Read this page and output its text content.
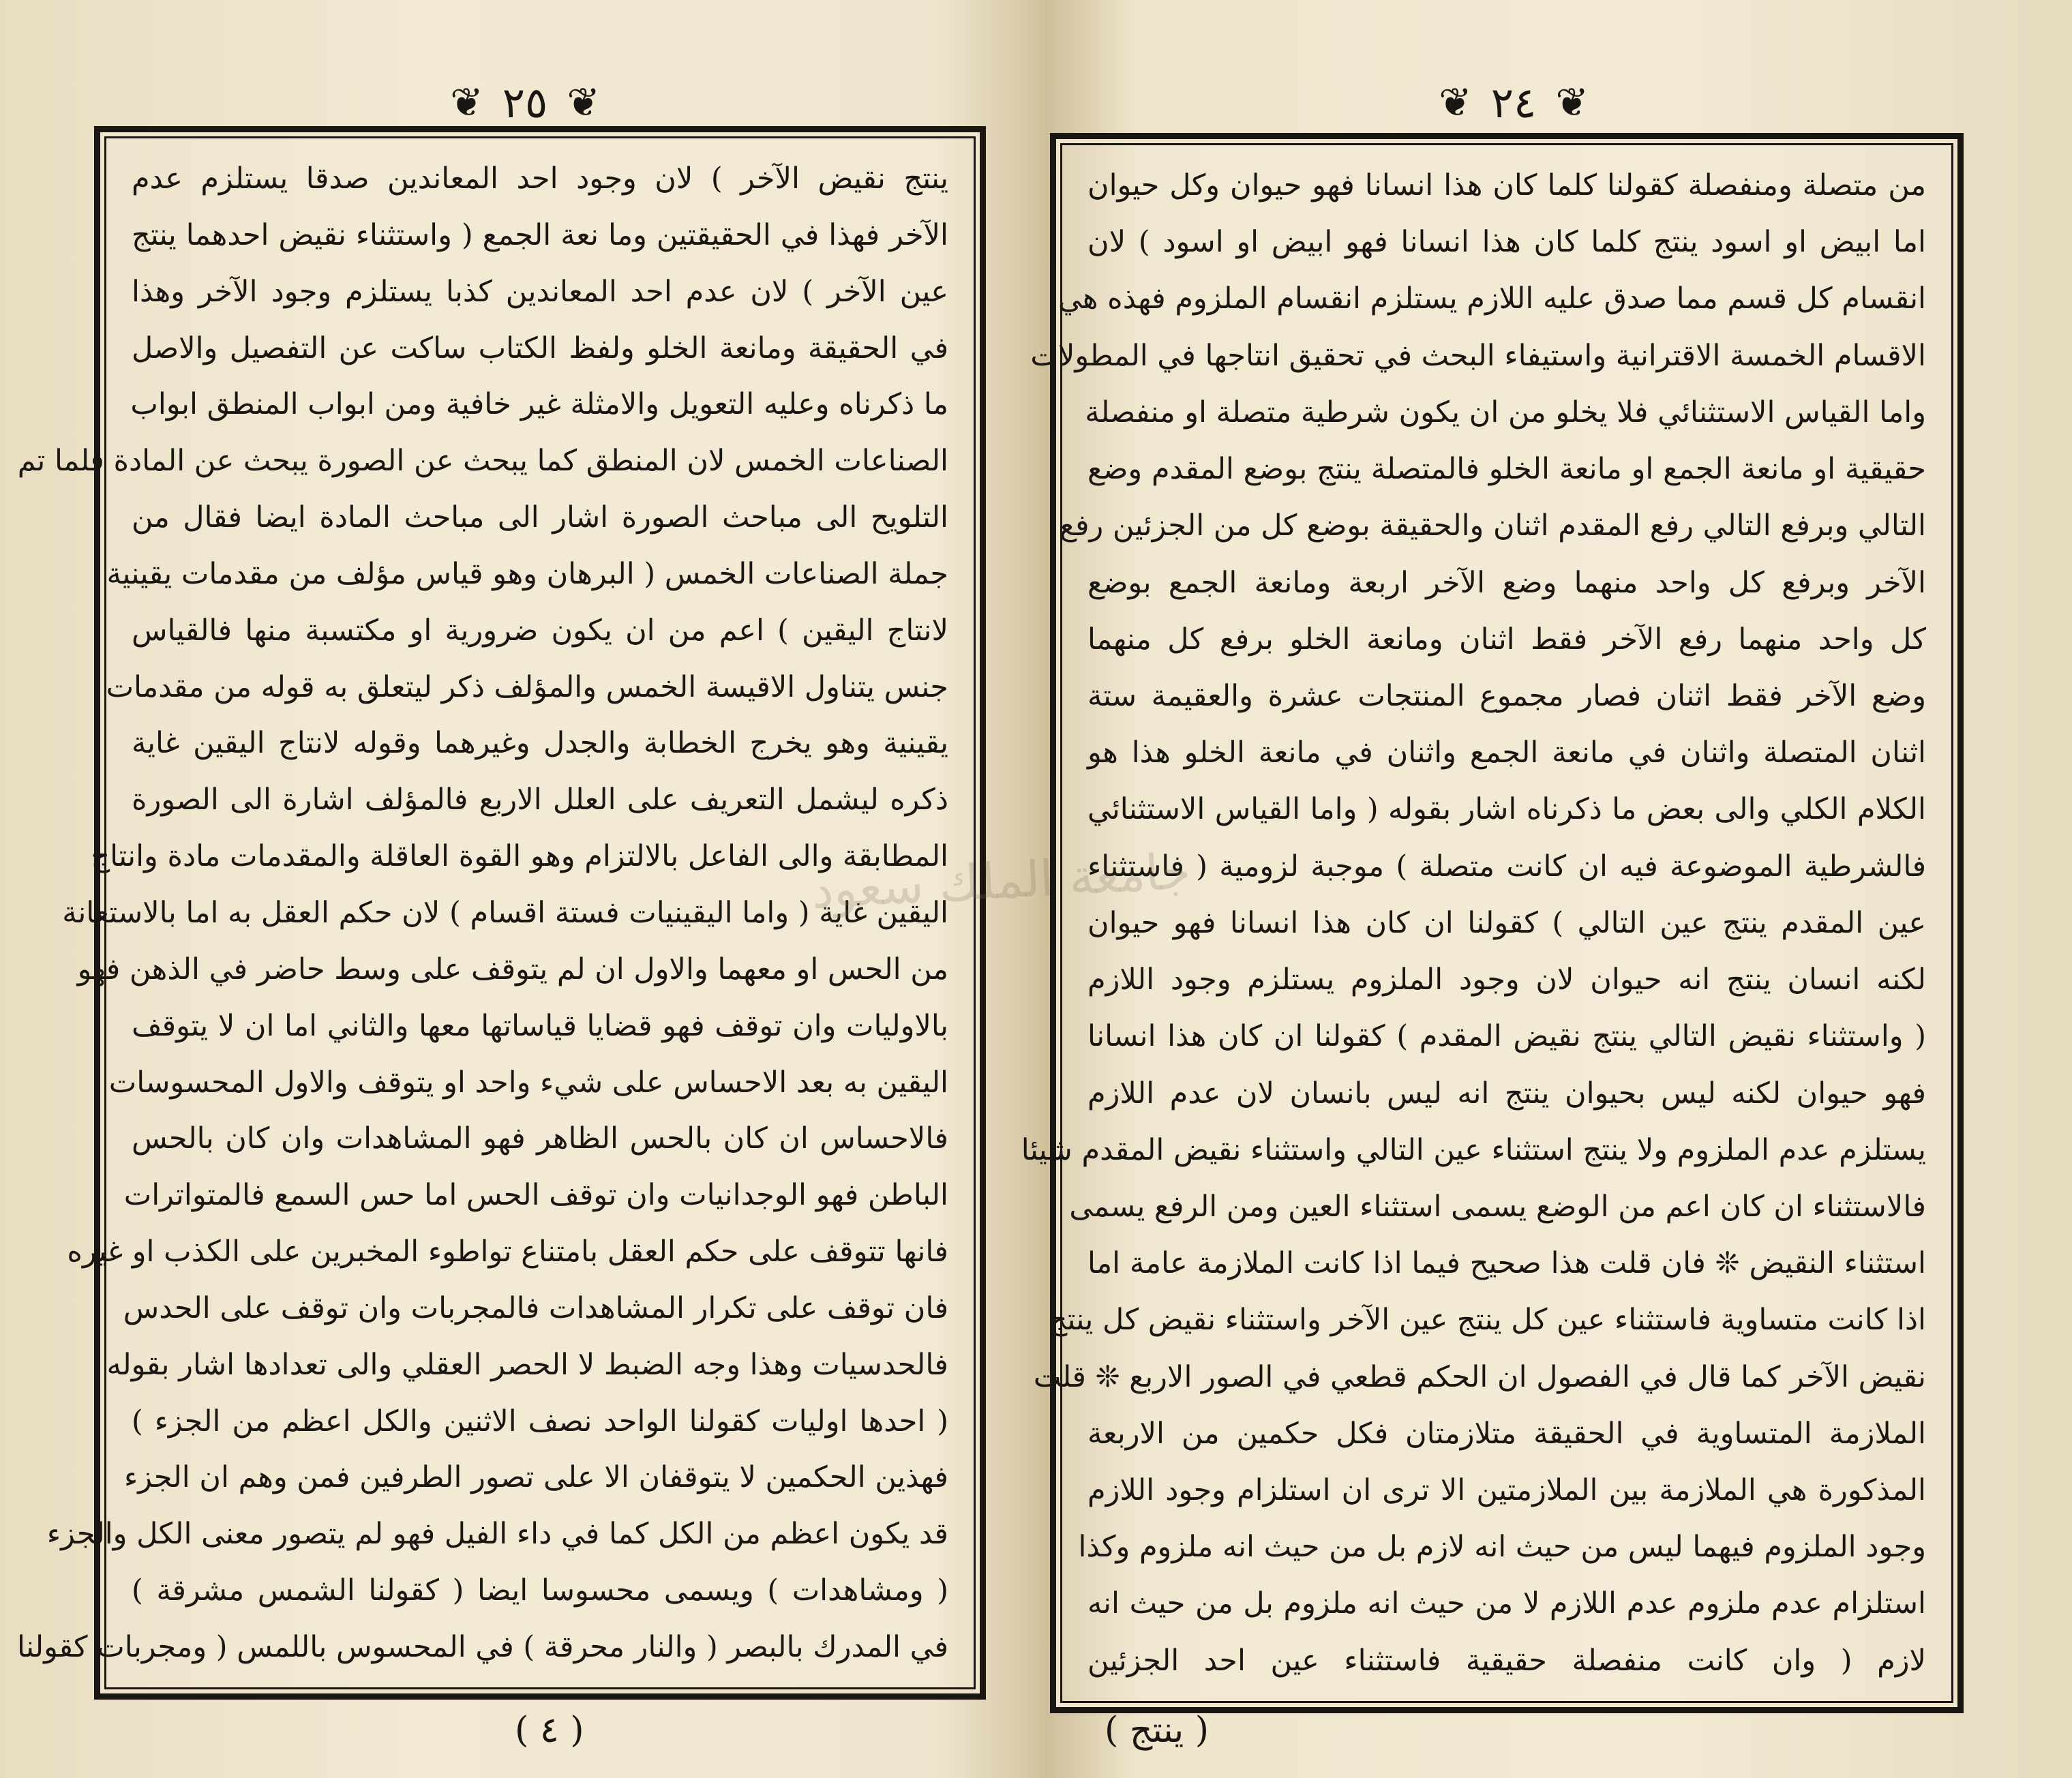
❦
٢٥
❦
ينتج نقيض الآخر ) لان وجود احد المعاندين صدقا يستلزم عدم
الآخر فهذا في الحقيقتين وما نعة الجمع ( واستثناء نقيض احدهما ينتج
عين الآخر ) لان عدم احد المعاندين كذبا يستلزم وجود الآخر وهذا
في الحقيقة ومانعة الخلو ولفظ الكتاب ساكت عن التفصيل والاصل
ما ذكرناه وعليه التعويل والامثلة غير خافية ومن ابواب المنطق ابواب
الصناعات الخمس لان المنطق كما يبحث عن الصورة يبحث عن المادة فلما تم
التلويح الى مباحث الصورة اشار الى مباحث المادة ايضا فقال من
جملة الصناعات الخمس ( البرهان وهو قياس مؤلف من مقدمات يقينية
لانتاج اليقين ) اعم من ان يكون ضرورية او مكتسبة منها فالقياس
جنس يتناول الاقيسة الخمس والمؤلف ذكر ليتعلق به قوله من مقدمات
يقينية وهو يخرج الخطابة والجدل وغيرهما وقوله لانتاج اليقين غاية
ذكره ليشمل التعريف على العلل الاربع فالمؤلف اشارة الى الصورة
المطابقة والى الفاعل بالالتزام وهو القوة العاقلة والمقدمات مادة وانتاج
اليقين غاية ( واما اليقينيات فستة اقسام ) لان حكم العقل به اما بالاستعانة
من الحس او معهما والاول ان لم يتوقف على وسط حاضر في الذهن فهو
بالاوليات وان توقف فهو قضايا قياساتها معها والثاني اما ان لا يتوقف
اليقين به بعد الاحساس على شيء واحد او يتوقف والاول المحسوسات
فالاحساس ان كان بالحس الظاهر فهو المشاهدات وان كان بالحس
الباطن فهو الوجدانيات وان توقف الحس اما حس السمع فالمتواترات
فانها تتوقف على حكم العقل بامتناع تواطوء المخبرين على الكذب او غيره
فان توقف على تكرار المشاهدات فالمجربات وان توقف على الحدس
فالحدسيات وهذا وجه الضبط لا الحصر العقلي والى تعدادها اشار بقوله
( احدها اوليات كقولنا الواحد نصف الاثنين والكل اعظم من الجزء )
فهذين الحكمين لا يتوقفان الا على تصور الطرفين فمن وهم ان الجزء
قد يكون اعظم من الكل كما في داء الفيل فهو لم يتصور معنى الكل والجزء
( ومشاهدات ) ويسمى محسوسا ايضا ( كقولنا الشمس مشرقة )
في المدرك بالبصر ( والنار محرقة ) في المحسوس باللمس ( ومجربات كقولنا
( ٤ )
❦
٢٤
❦
من متصلة ومنفصلة كقولنا كلما كان هذا انسانا فهو حيوان وكل حيوان
اما ابيض او اسود ينتج كلما كان هذا انسانا فهو ابيض او اسود ) لان
انقسام كل قسم مما صدق عليه اللازم يستلزم انقسام الملزوم فهذه هي
الاقسام الخمسة الاقترانية واستيفاء البحث في تحقيق انتاجها في المطولات
واما القياس الاستثنائي فلا يخلو من ان يكون شرطية متصلة او منفصلة
حقيقية او مانعة الجمع او مانعة الخلو فالمتصلة ينتج بوضع المقدم وضع
التالي وبرفع التالي رفع المقدم اثنان والحقيقة بوضع كل من الجزئين رفع
الآخر وبرفع كل واحد منهما وضع الآخر اربعة ومانعة الجمع بوضع
كل واحد منهما رفع الآخر فقط اثنان ومانعة الخلو برفع كل منهما
وضع الآخر فقط اثنان فصار مجموع المنتجات عشرة والعقيمة ستة
اثنان المتصلة واثنان في مانعة الجمع واثنان في مانعة الخلو هذا هو
الكلام الكلي والى بعض ما ذكرناه اشار بقوله ( واما القياس الاستثنائي
فالشرطية الموضوعة فيه ان كانت متصلة ) موجبة لزومية ( فاستثناء
عين المقدم ينتج عين التالي ) كقولنا ان كان هذا انسانا فهو حيوان
لكنه انسان ينتج انه حيوان لان وجود الملزوم يستلزم وجود اللازم
( واستثناء نقيض التالي ينتج نقيض المقدم ) كقولنا ان كان هذا انسانا
فهو حيوان لكنه ليس بحيوان ينتج انه ليس بانسان لان عدم اللازم
يستلزم عدم الملزوم ولا ينتج استثناء عين التالي واستثناء نقيض المقدم شيئا
فالاستثناء ان كان اعم من الوضع يسمى استثناء العين ومن الرفع يسمى
استثناء النقيض ❊ فان قلت هذا صحيح فيما اذا كانت الملازمة عامة اما
اذا كانت متساوية فاستثناء عين كل ينتج عين الآخر واستثناء نقيض كل ينتج
نقيض الآخر كما قال في الفصول ان الحكم قطعي في الصور الاربع ❊ قلت
الملازمة المتساوية في الحقيقة متلازمتان فكل حكمين من الاربعة
المذكورة هي الملازمة بين الملازمتين الا ترى ان استلزام وجود اللازم
وجود الملزوم فيهما ليس من حيث انه لازم بل من حيث انه ملزوم وكذا
استلزام عدم ملزوم عدم اللازم لا من حيث انه ملزوم بل من حيث انه
لازم ( وان كانت منفصلة حقيقية فاستثناء عين احد الجزئين
( ينتج )
جامعة الملك سعود
